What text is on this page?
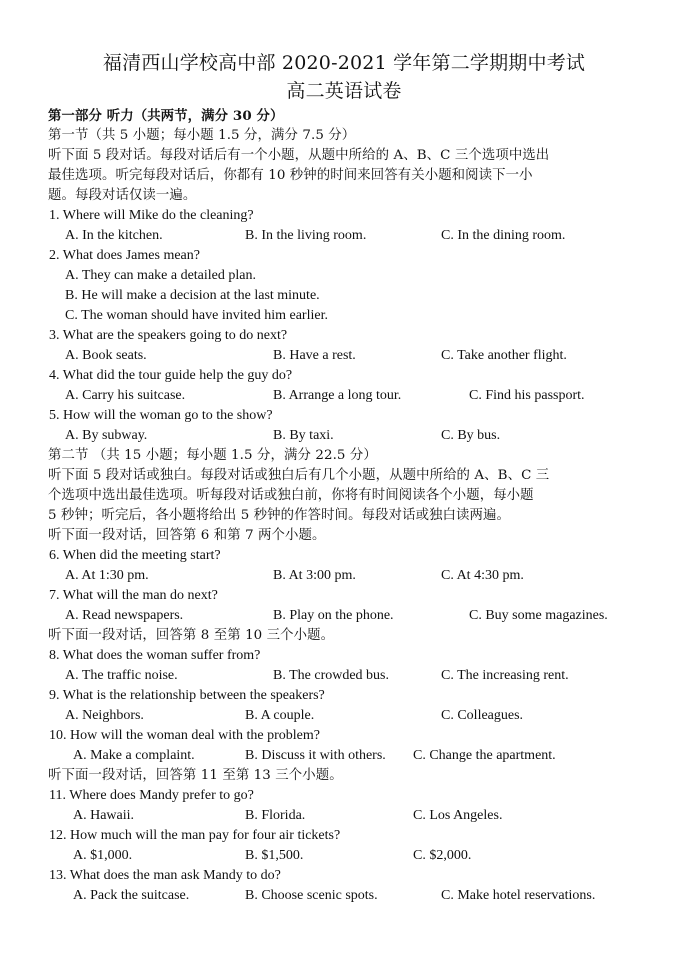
福清西山学校高中部 2020-2021 学年第二学期期中考试
高二英语试卷
第一部分 听力（共两节，满分 30 分）
第一节（共 5 小题；每小题 1.5 分，满分 7.5 分）
听下面 5 段对话。每段对话后有一个小题，从题中所给的 A、B、C 三个选项中选出
最佳选项。听完每段对话后，你都有 10 秒钟的时间来回答有关小题和阅读下一小
题。每段对话仅读一遍。
1. Where will Mike do the cleaning?
A. In the kitchen.	B. In the living room.	C. In the dining room.
2. What does James mean?
A. They can make a detailed plan.
B. He will make a decision at the last minute.
C. The woman should have invited him earlier.
3. What are the speakers going to do next?
A. Book seats.	B. Have a rest.	C. Take another flight.
4. What did the tour guide help the guy do?
A. Carry his suitcase.	B. Arrange a long tour.	C. Find his passport.
5. How will the woman go to the show?
A. By subway.	B. By taxi.	C. By bus.
第二节 （共 15 小题；每小题 1.5 分，满分 22.5 分）
听下面 5 段对话或独白。每段对话或独白后有几个小题，从题中所给的 A、B、C 三
个选项中选出最佳选项。听每段对话或独白前，你将有时间阅读各个小题，每小题
5 秒钟；听完后，各小题将给出 5 秒钟的作答时间。每段对话或独白读两遍。
听下面一段对话，回答第 6 和第 7 两个小题。
6. When did the meeting start?
A. At 1:30 pm.	B. At 3:00 pm.	C. At 4:30 pm.
7. What will the man do next?
A. Read newspapers.	B. Play on the phone.	C. Buy some magazines.
听下面一段对话，回答第 8 至第 10 三个小题。
8. What does the woman suffer from?
A. The traffic noise.	B. The crowded bus.	C. The increasing rent.
9. What is the relationship between the speakers?
A. Neighbors.	B. A couple.	C. Colleagues.
10. How will the woman deal with the problem?
A. Make a complaint.	B. Discuss it with others. C. Change the apartment.
听下面一段对话，回答第 11 至第 13 三个小题。
11. Where does Mandy prefer to go?
A. Hawaii.	B. Florida.	C. Los Angeles.
12. How much will the man pay for four air tickets?
A. $1,000.	B. $1,500.	C. $2,000.
13. What does the man ask Mandy to do?
A. Pack the suitcase.	B. Choose scenic spots.	C. Make hotel reservations.
